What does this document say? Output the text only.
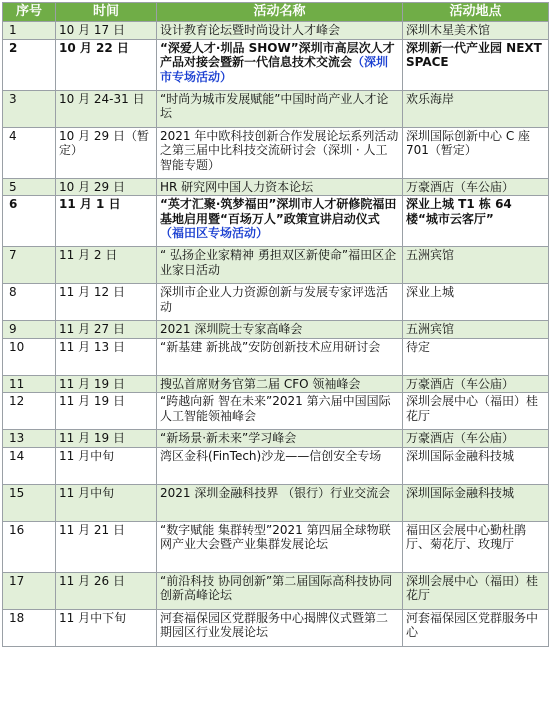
序号	时间	活动名称	活动地点
1	10 月 17 日	设计教育论坛暨时尚设计人才峰会	深圳木星美术馆
2	10 月 22 日	“深爱人才·圳品 SHOW”深圳市高层次人才产品对接会暨新一代信息技术交流会（深圳市专场活动）	深圳新一代产业园 NEXT SPACE
3	10 月 24-31 日	“时尚为城市发展赋能”中国时尚产业人才论坛	欢乐海岸
4	10 月 29 日（暂定）	2021 年中欧科技创新合作发展论坛系列活动之第三届中比科技交流研讨会（深圳 · 人工智能专题）	深圳国际创新中心 C 座 701（暂定）
5	10 月 29 日	HR 研究网中国人力资本论坛	万豪酒店（车公庙）
6	11 月 1 日	“英才汇聚·筑梦福田”深圳市人才研修院福田基地启用暨“百场万人”政策宣讲启动仪式（福田区专场活动）	深业上城 T1 栋 64 楼“城市云客厅”
7	11 月 2 日	“ 弘扬企业家精神 勇担双区新使命”福田区企业家日活动	五洲宾馆
8	11 月 12 日	深圳市企业人力资源创新与发展专家评选活动	深业上城
9	11 月 27 日	2021 深圳院士专家高峰会	五洲宾馆
10	11 月 13 日	“新基建 新挑战”安防创新技术应用研讨会	待定
11	11 月 19 日	搜弘首席财务官第二届 CFO 领袖峰会	万豪酒店（车公庙）
12	11 月 19 日	“跨越向新 智在未来”2021 第六届中国国际人工智能领袖峰会	深圳会展中心（福田）桂花厅
13	11 月 19 日	“新场景·新未来”学习峰会	万豪酒店（车公庙）
14	11 月中旬	湾区金科(FinTech)沙龙——信创安全专场	深圳国际金融科技城
15	11 月中旬	2021 深圳金融科技界 （银行）行业交流会	深圳国际金融科技城
16	11 月 21 日	“数字赋能 集群转型”2021 第四届全球物联网产业大会暨产业集群发展论坛	福田区会展中心勤杜鹃厅、菊花厅、玫瑰厅
17	11 月 26 日	“前沿科技 协同创新”第二届国际高科技协同创新高峰论坛	深圳会展中心（福田）桂花厅
18	11 月中下旬	河套福保园区党群服务中心揭牌仪式暨第二期园区行业发展论坛	河套福保园区党群服务中心
